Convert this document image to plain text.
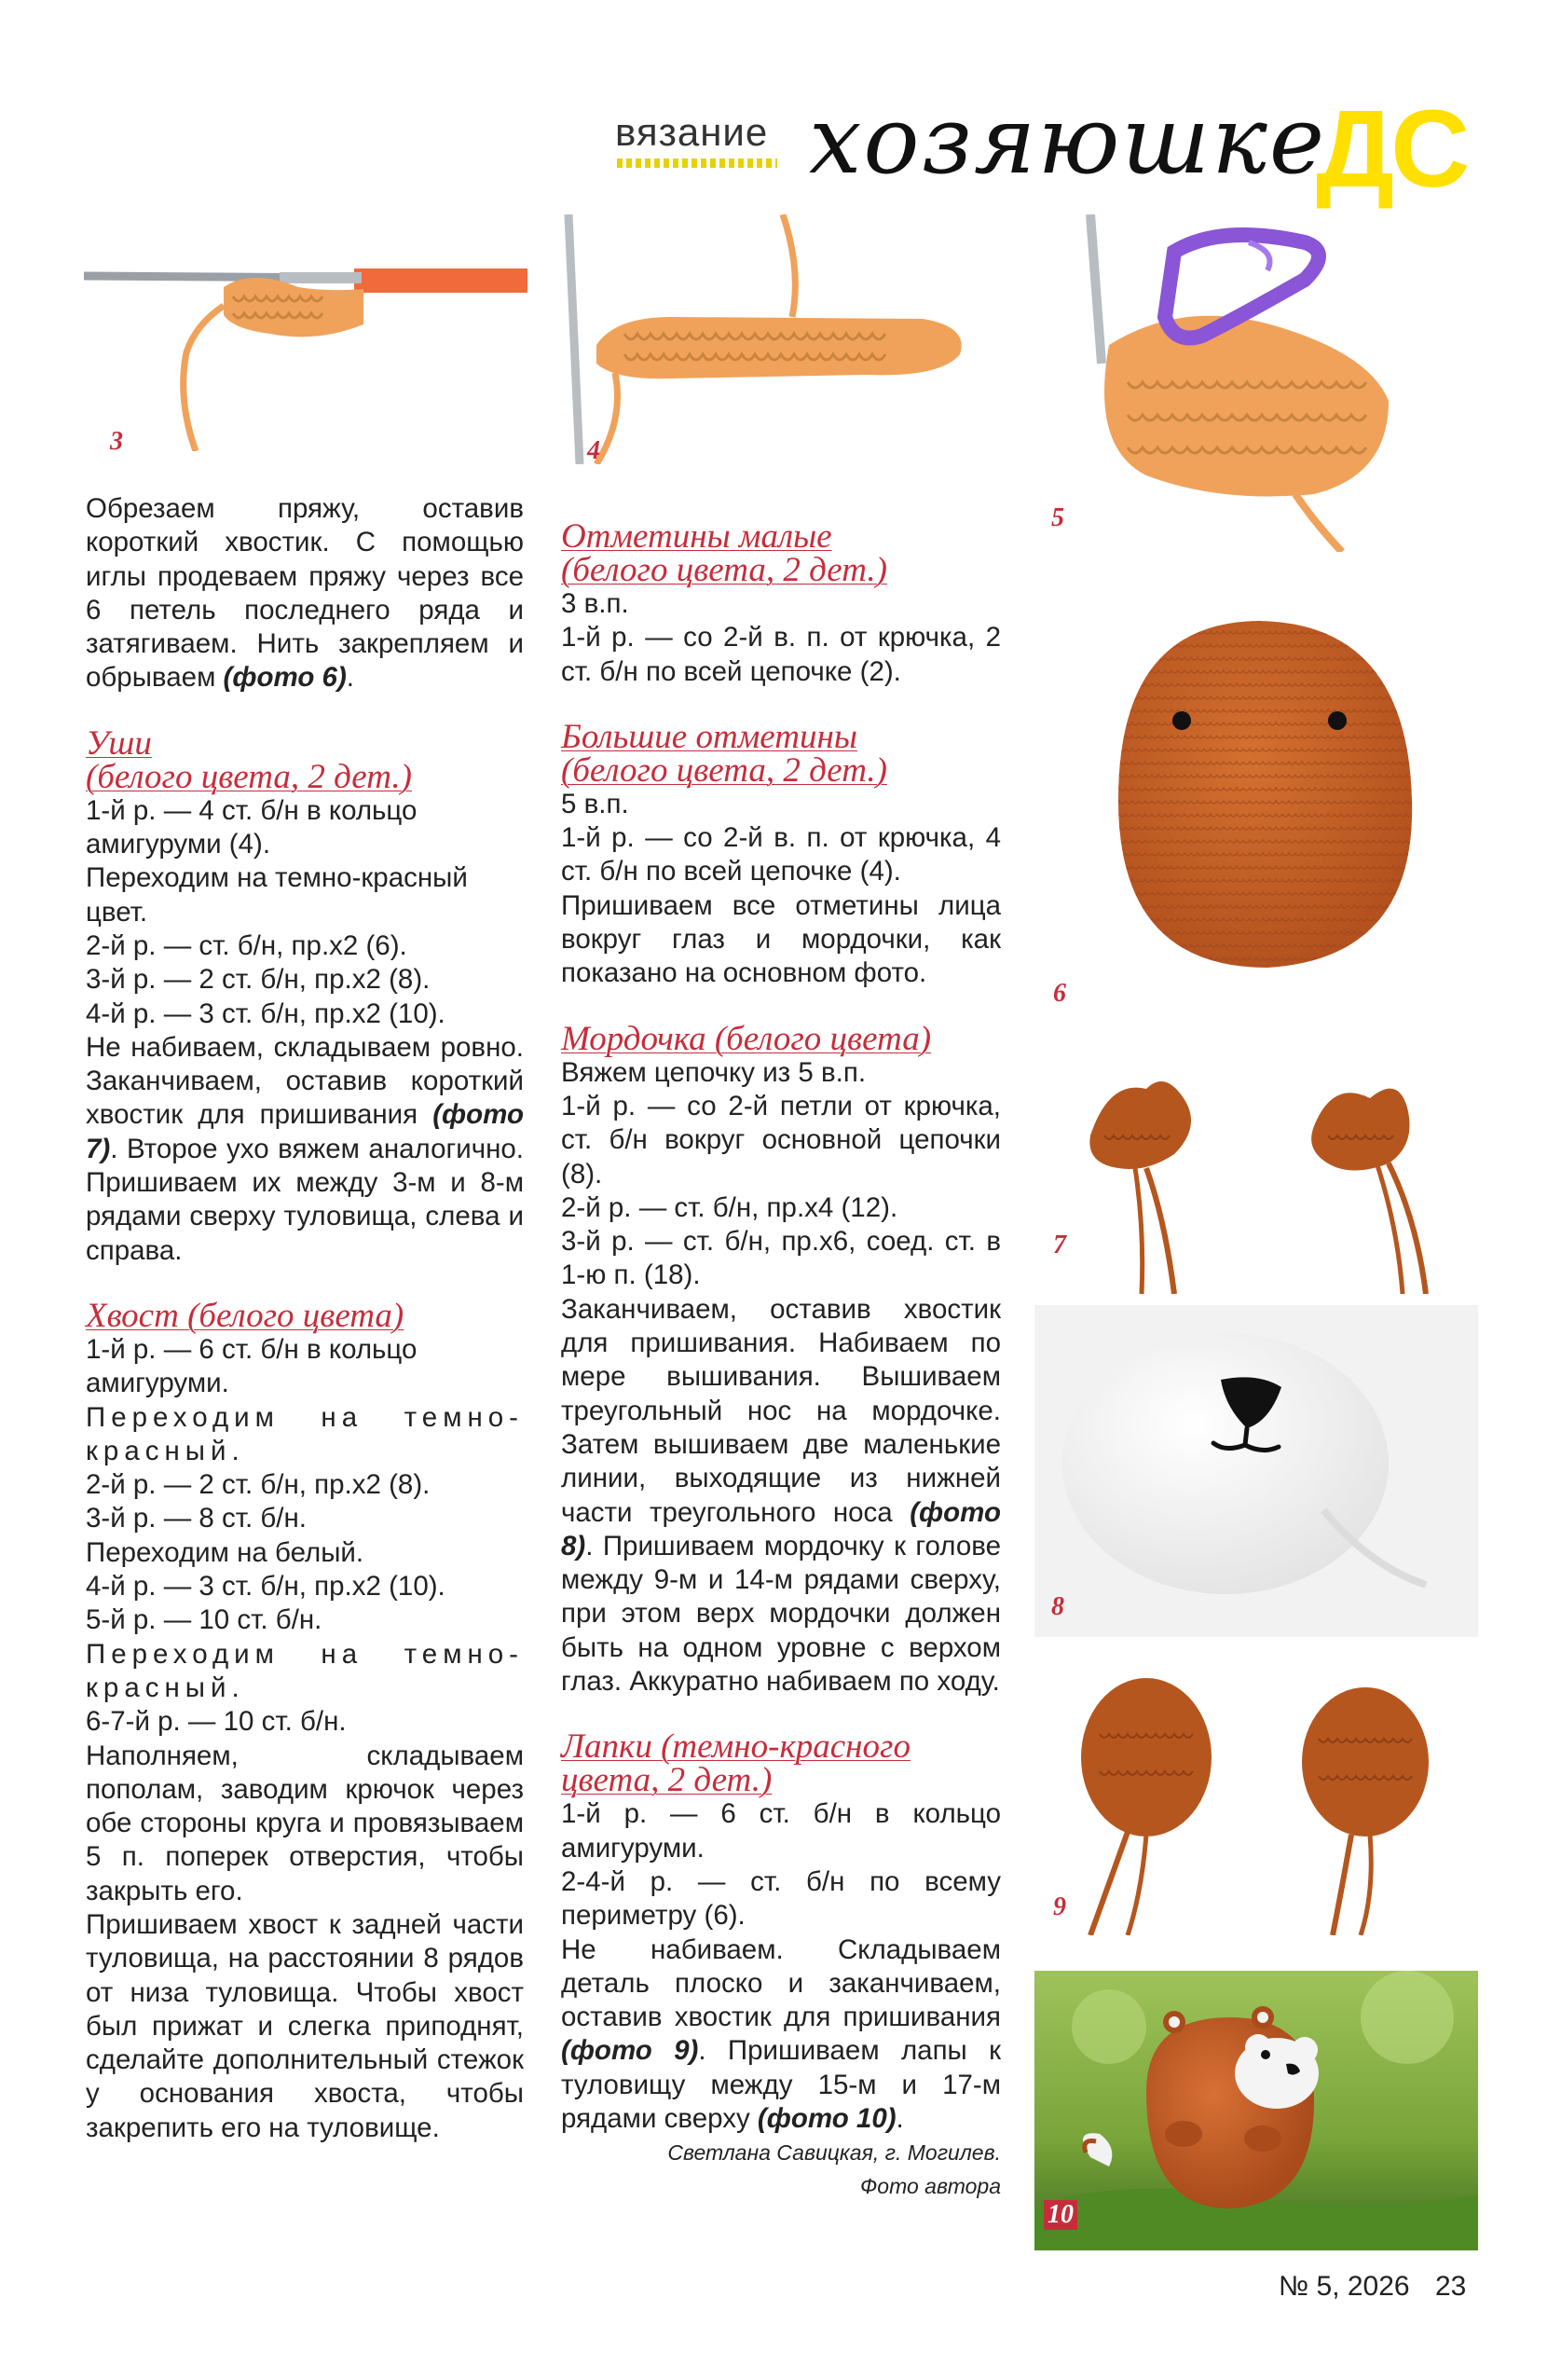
вязание хозяюшке
ДС
3	4
5
6
7
8
9
10

Обрезаем пряжу, оставив короткий хвостик. С помощью иглы продеваем пряжу через все 6 петель последнего ряда и затягиваем. Нить закрепляем и обрываем (фото 6).

Уши

(белого цвета, 2 дет.)

1-й р. — 4 ст. б/н в кольцо амигуруми (4).

Переходим на темно-красный цвет.

2-й р. — ст. б/н, пр.х2 (6).

3-й р. — 2 ст. б/н, пр.х2 (8).

4-й р. — 3 ст. б/н, пр.х2 (10).

Не набиваем, складываем ровно. Заканчиваем, оставив короткий хвостик для пришивания (фото 7). Второе ухо вяжем аналогично. Пришиваем их между 3-м и 8-м рядами сверху туловища, слева и справа.

Хвост (белого цвета)

1-й р. — 6 ст. б/н в кольцо амигуруми.

Переходим на темно-красный.

2-й р. — 2 ст. б/н, пр.х2 (8).

3-й р. — 8 ст. б/н.

Переходим на белый.

4-й р. — 3 ст. б/н, пр.х2 (10).

5-й р. — 10 ст. б/н.

Переходим на темно-красный.

6-7-й р. — 10 ст. б/н.

Наполняем, складываем пополам, заводим крючок через обе стороны круга и провязываем 5 п. поперек отверстия, чтобы закрыть его.

Пришиваем хвост к задней части туловища, на расстоянии 8 рядов от низа туловища. Чтобы хвост был прижат и слегка приподнят, сделайте дополнительный стежок у основания хвоста, чтобы закрепить его на туловище.

Отметины малые

(белого цвета, 2 дет.)

3 в.п.

1-й р. — со 2-й в. п. от крючка, 2 ст. б/н по всей цепочке (2).

Большие отметины

(белого цвета, 2 дет.)

5 в.п.

1-й р. — со 2-й в. п. от крючка, 4 ст. б/н по всей цепочке (4).

Пришиваем все отметины лица вокруг глаз и мордочки, как показано на основном фото.

Мордочка (белого цвета)

Вяжем цепочку из 5 в.п.

1-й р. — со 2-й петли от крючка, ст. б/н вокруг основной цепочки (8).

2-й р. — ст. б/н, пр.х4 (12).

3-й р. — ст. б/н, пр.х6, соед. ст. в 1-ю п. (18).

Заканчиваем, оставив хвостик для пришивания. Набиваем по мере вышивания. Вышиваем треугольный нос на мордочке. Затем вышиваем две маленькие линии, выходящие из нижней части треугольного носа (фото 8). Пришиваем мордочку к голове между 9-м и 14-м рядами сверху, при этом верх мордочки должен быть на одном уровне с верхом глаз. Аккуратно набиваем по ходу.

Лапки (темно-красного

цвета, 2 дет.)

1-й р. — 6 ст. б/н в кольцо амигуруми.

2-4-й р. — ст. б/н по всему периметру (6).

Не набиваем. Складываем деталь плоско и заканчиваем, оставив хвостик для пришивания (фото 9). Пришиваем лапы к туловищу между 15-м и 17-м рядами сверху (фото 10).

Светлана Савицкая, г. Могилев.

Фото автора

№ 5, 2026 23
